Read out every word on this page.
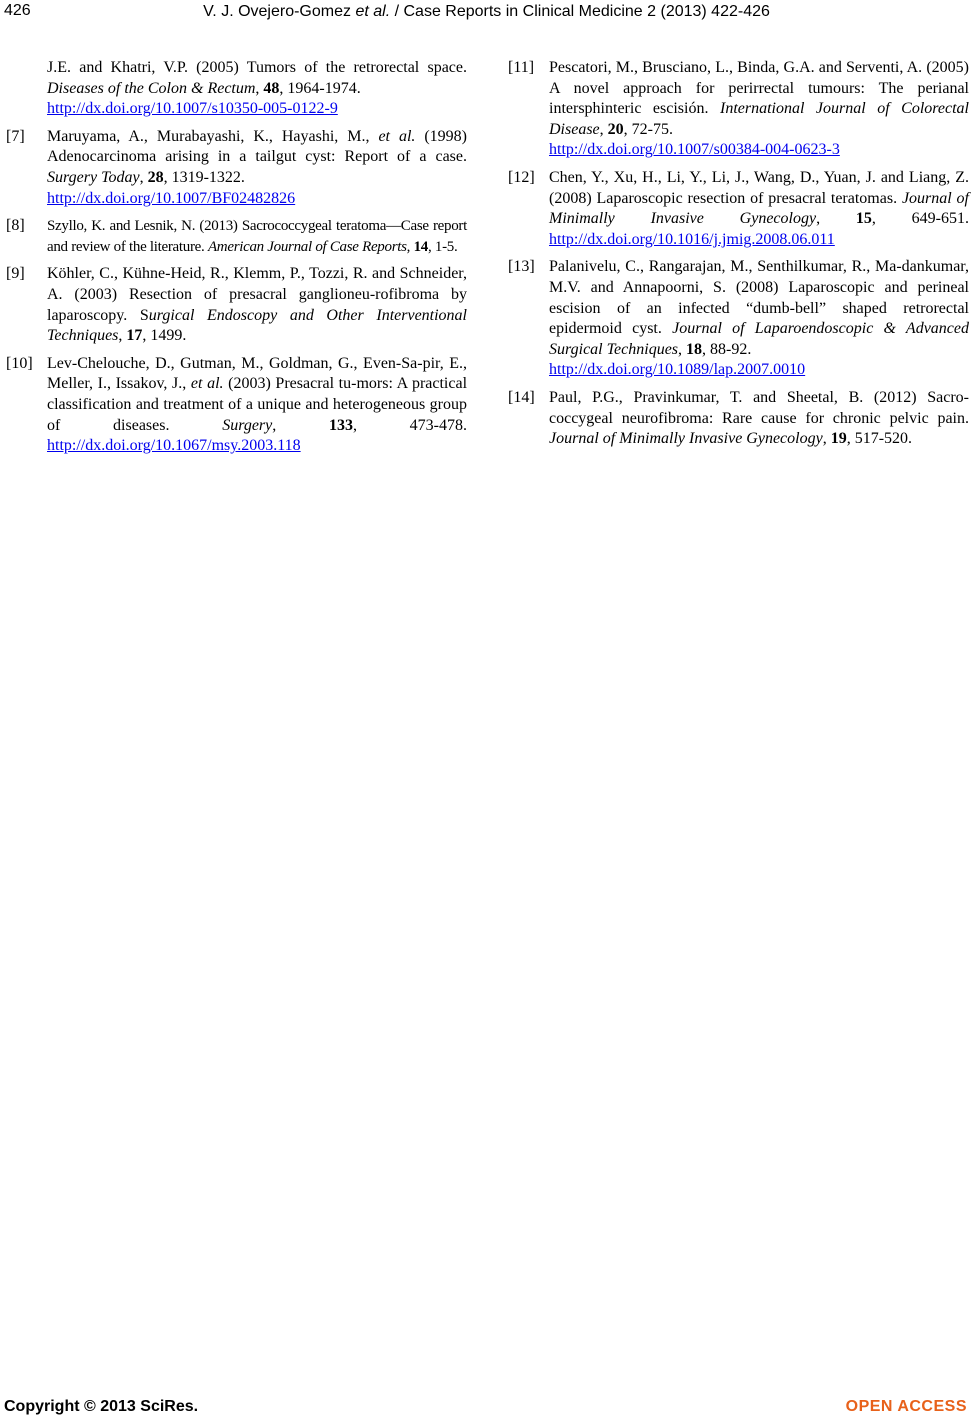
426	V. J. Ovejero-Gomez et al. / Case Reports in Clinical Medicine 2 (2013) 422-426
J.E. and Khatri, V.P. (2005) Tumors of the retrorectal space. Diseases of the Colon & Rectum, 48, 1964-1974.
http://dx.doi.org/10.1007/s10350-005-0122-9
[7] Maruyama, A., Murabayashi, K., Hayashi, M., et al. (1998) Adenocarcinoma arising in a tailgut cyst: Report of a case. Surgery Today, 28, 1319-1322.
http://dx.doi.org/10.1007/BF02482826
[8] Szyllo, K. and Lesnik, N. (2013) Sacrococcygeal teratoma—Case report and review of the literature. American Journal of Case Reports, 14, 1-5.
[9] Köhler, C., Kühne-Heid, R., Klemm, P., Tozzi, R. and Schneider, A. (2003) Resection of presacral ganglioneu-rofibroma by laparoscopy. Surgical Endoscopy and Other Interventional Techniques, 17, 1499.
[10] Lev-Chelouche, D., Gutman, M., Goldman, G., Even-Sa-pir, E., Meller, I., Issakov, J., et al. (2003) Presacral tu-mors: A practical classification and treatment of a unique and heterogeneous group of diseases. Surgery, 133, 473-478. http://dx.doi.org/10.1067/msy.2003.118
[11] Pescatori, M., Brusciano, L., Binda, G.A. and Serventi, A. (2005) A novel approach for perirrectal tumours: The perianal intersphinteric escisión. International Journal of Colorectal Disease, 20, 72-75.
http://dx.doi.org/10.1007/s00384-004-0623-3
[12] Chen, Y., Xu, H., Li, Y., Li, J., Wang, D., Yuan, J. and Liang, Z. (2008) Laparoscopic resection of presacral teratomas. Journal of Minimally Invasive Gynecology, 15, 649-651. http://dx.doi.org/10.1016/j.jmig.2008.06.011
[13] Palanivelu, C., Rangarajan, M., Senthilkumar, R., Ma-dankumar, M.V. and Annapoorni, S. (2008) Laparoscopic and perineal escision of an infected “dumb-bell” shaped retrorectal epidermoid cyst. Journal of Laparoendoscopic & Advanced Surgical Techniques, 18, 88-92.
http://dx.doi.org/10.1089/lap.2007.0010
[14] Paul, P.G., Pravinkumar, T. and Sheetal, B. (2012) Sacro-coccygeal neurofibroma: Rare cause for chronic pelvic pain. Journal of Minimally Invasive Gynecology, 19, 517-520.
Copyright © 2013 SciRes.	OPEN ACCESS
